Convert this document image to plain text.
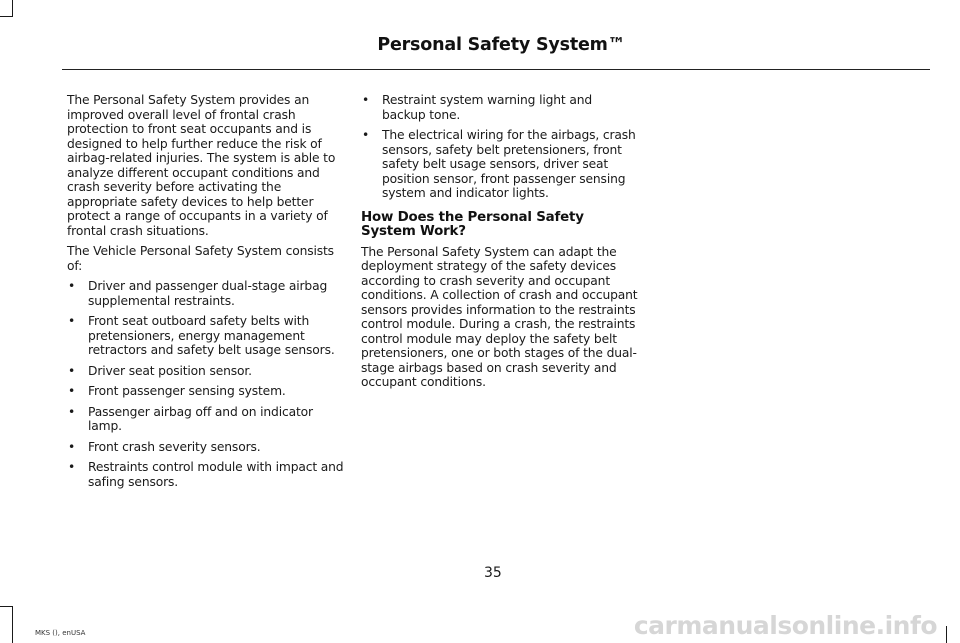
Personal Safety System™

The Personal Safety System provides an improved overall level of frontal crash protection to front seat occupants and is designed to help further reduce the risk of airbag-related injuries. The system is able to analyze different occupant conditions and crash severity before activating the appropriate safety devices to help better protect a range of occupants in a variety of frontal crash situations.

The Vehicle Personal Safety System consists of:

• Driver and passenger dual-stage airbag supplemental restraints.
• Front seat outboard safety belts with pretensioners, energy management retractors and safety belt usage sensors.
• Driver seat position sensor.
• Front passenger sensing system.
• Passenger airbag off and on indicator lamp.
• Front crash severity sensors.
• Restraints control module with impact and safing sensors.
• Restraint system warning light and backup tone.
• The electrical wiring for the airbags, crash sensors, safety belt pretensioners, front safety belt usage sensors, driver seat position sensor, front passenger sensing system and indicator lights.
How Does the Personal Safety System Work?

The Personal Safety System can adapt the deployment strategy of the safety devices according to crash severity and occupant conditions. A collection of crash and occupant sensors provides information to the restraints control module. During a crash, the restraints control module may deploy the safety belt pretensioners, one or both stages of the dual-stage airbags based on crash severity and occupant conditions.

35
MKS (), enUSA	carmanualsonline.info
